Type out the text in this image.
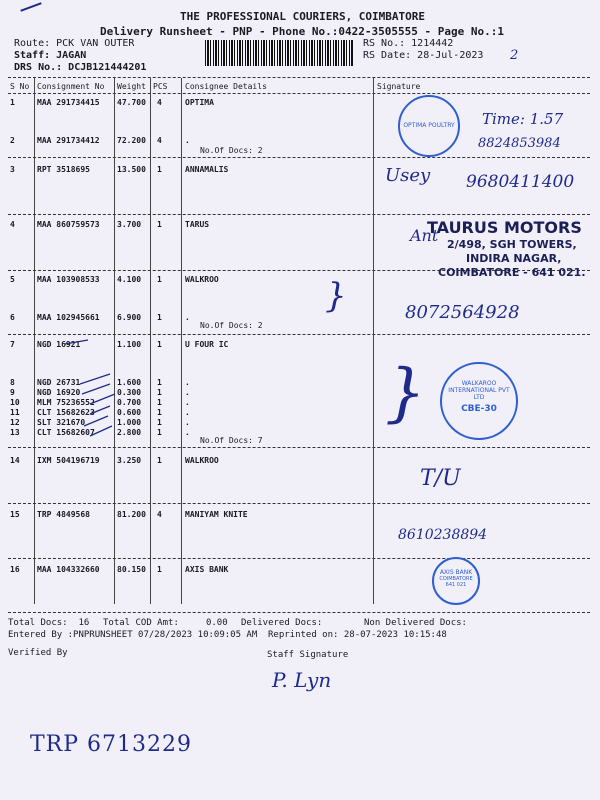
THE PROFESSIONAL COURIERS, COIMBATORE
Delivery Runsheet - PNP - Phone No.:0422-3505555 - Page No.:1
Route: PCK VAN OUTER
Staff: JAGAN
DRS No.: DCJB121444201
RS No.: 1214442
RS Date: 28-Jul-2023 2
S No Consignment No Weight PCS Consignee Details	Signature
1	MAA 291734415 47.700 4	OPTIMA
2	MAA 291734412 72.200 4	.
3	RPT 3518695	13.500 1	ANNAMALIS
4	MAA 860759573 3.700 1	TARUS
5	MAA 103908533 4.100 1	WALKROO
6	MAA 102945661 6.900 1	.
7	NGD 16921	1.100 1	U FOUR IC
8	NGD 26731	1.600 1	.
9	NGD 16920	0.300 1	.
10 MLM 75236552	0.700 1	.
11 CLT 15682623	0.600 1	.
12 SLT 321670	1.000 1	.
13 CLT 15682607	2.800 1	.
14 IXM 504196719 3.250 1	WALKROO
15 TRP 4849568	81.200 4	MANIYAM KNITE
16 MAA 104332660 80.150 1	AXIS BANK
No.Of Docs: 2
No.Of Docs: 2
No.Of Docs: 7
OPTIMA POULTRY
WALKAROO INTERNATIONAL PVT LTD
CBE-30
AXIS BANK
COIMBATORE 641 021
TAURUS MOTORS
2/498, SGH TOWERS,
INDIRA NAGAR,
COIMBATORE - 641 021.
Time: 1.57
8824853984
9680411400
Usey
Ant
8072564928
}
}
T/U
8610238894
TRP 6713229
P. Lyn
Total Docs:  16 Total COD Amt:     0.00 Delivered Docs:	Non Delivered Docs:
Entered By :PNPRUNSHEET 07/28/2023 10:09:05 AM Reprinted on: 28-07-2023 10:15:48
Verified By	Staff Signature
